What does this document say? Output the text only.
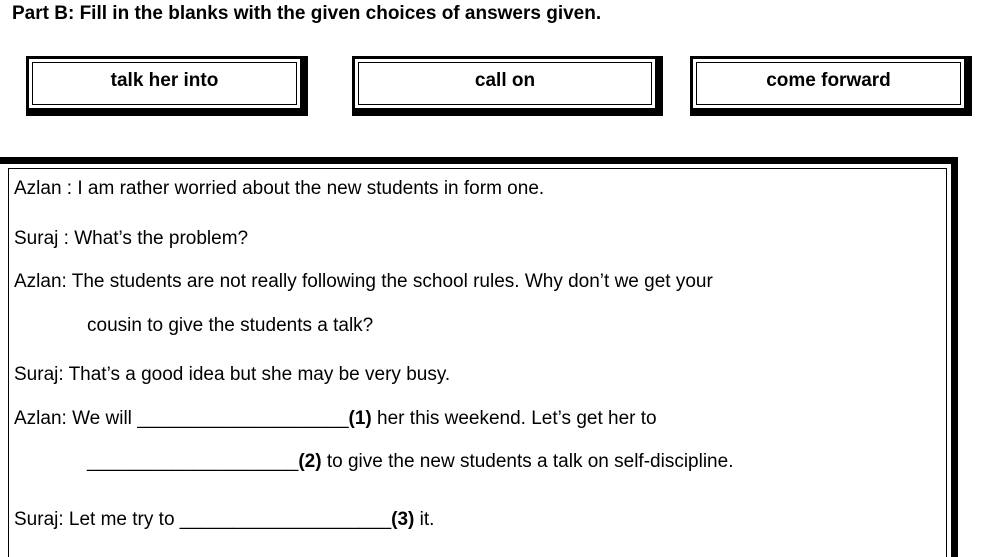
Part B: Fill in the blanks with the given choices of answers given.
talk her into	call on	come forward
Azlan : I am rather worried about the new students in form one.
Suraj : What’s the problem?
Azlan: The students are not really following the school rules. Why don’t we get your
cousin to give the students a talk?
Suraj: That’s a good idea but she may be very busy.
Azlan: We will ____________________(1) her this weekend. Let’s get her to
____________________(2) to give the new students a talk on self-discipline.
Suraj: Let me try to ____________________(3) it.
